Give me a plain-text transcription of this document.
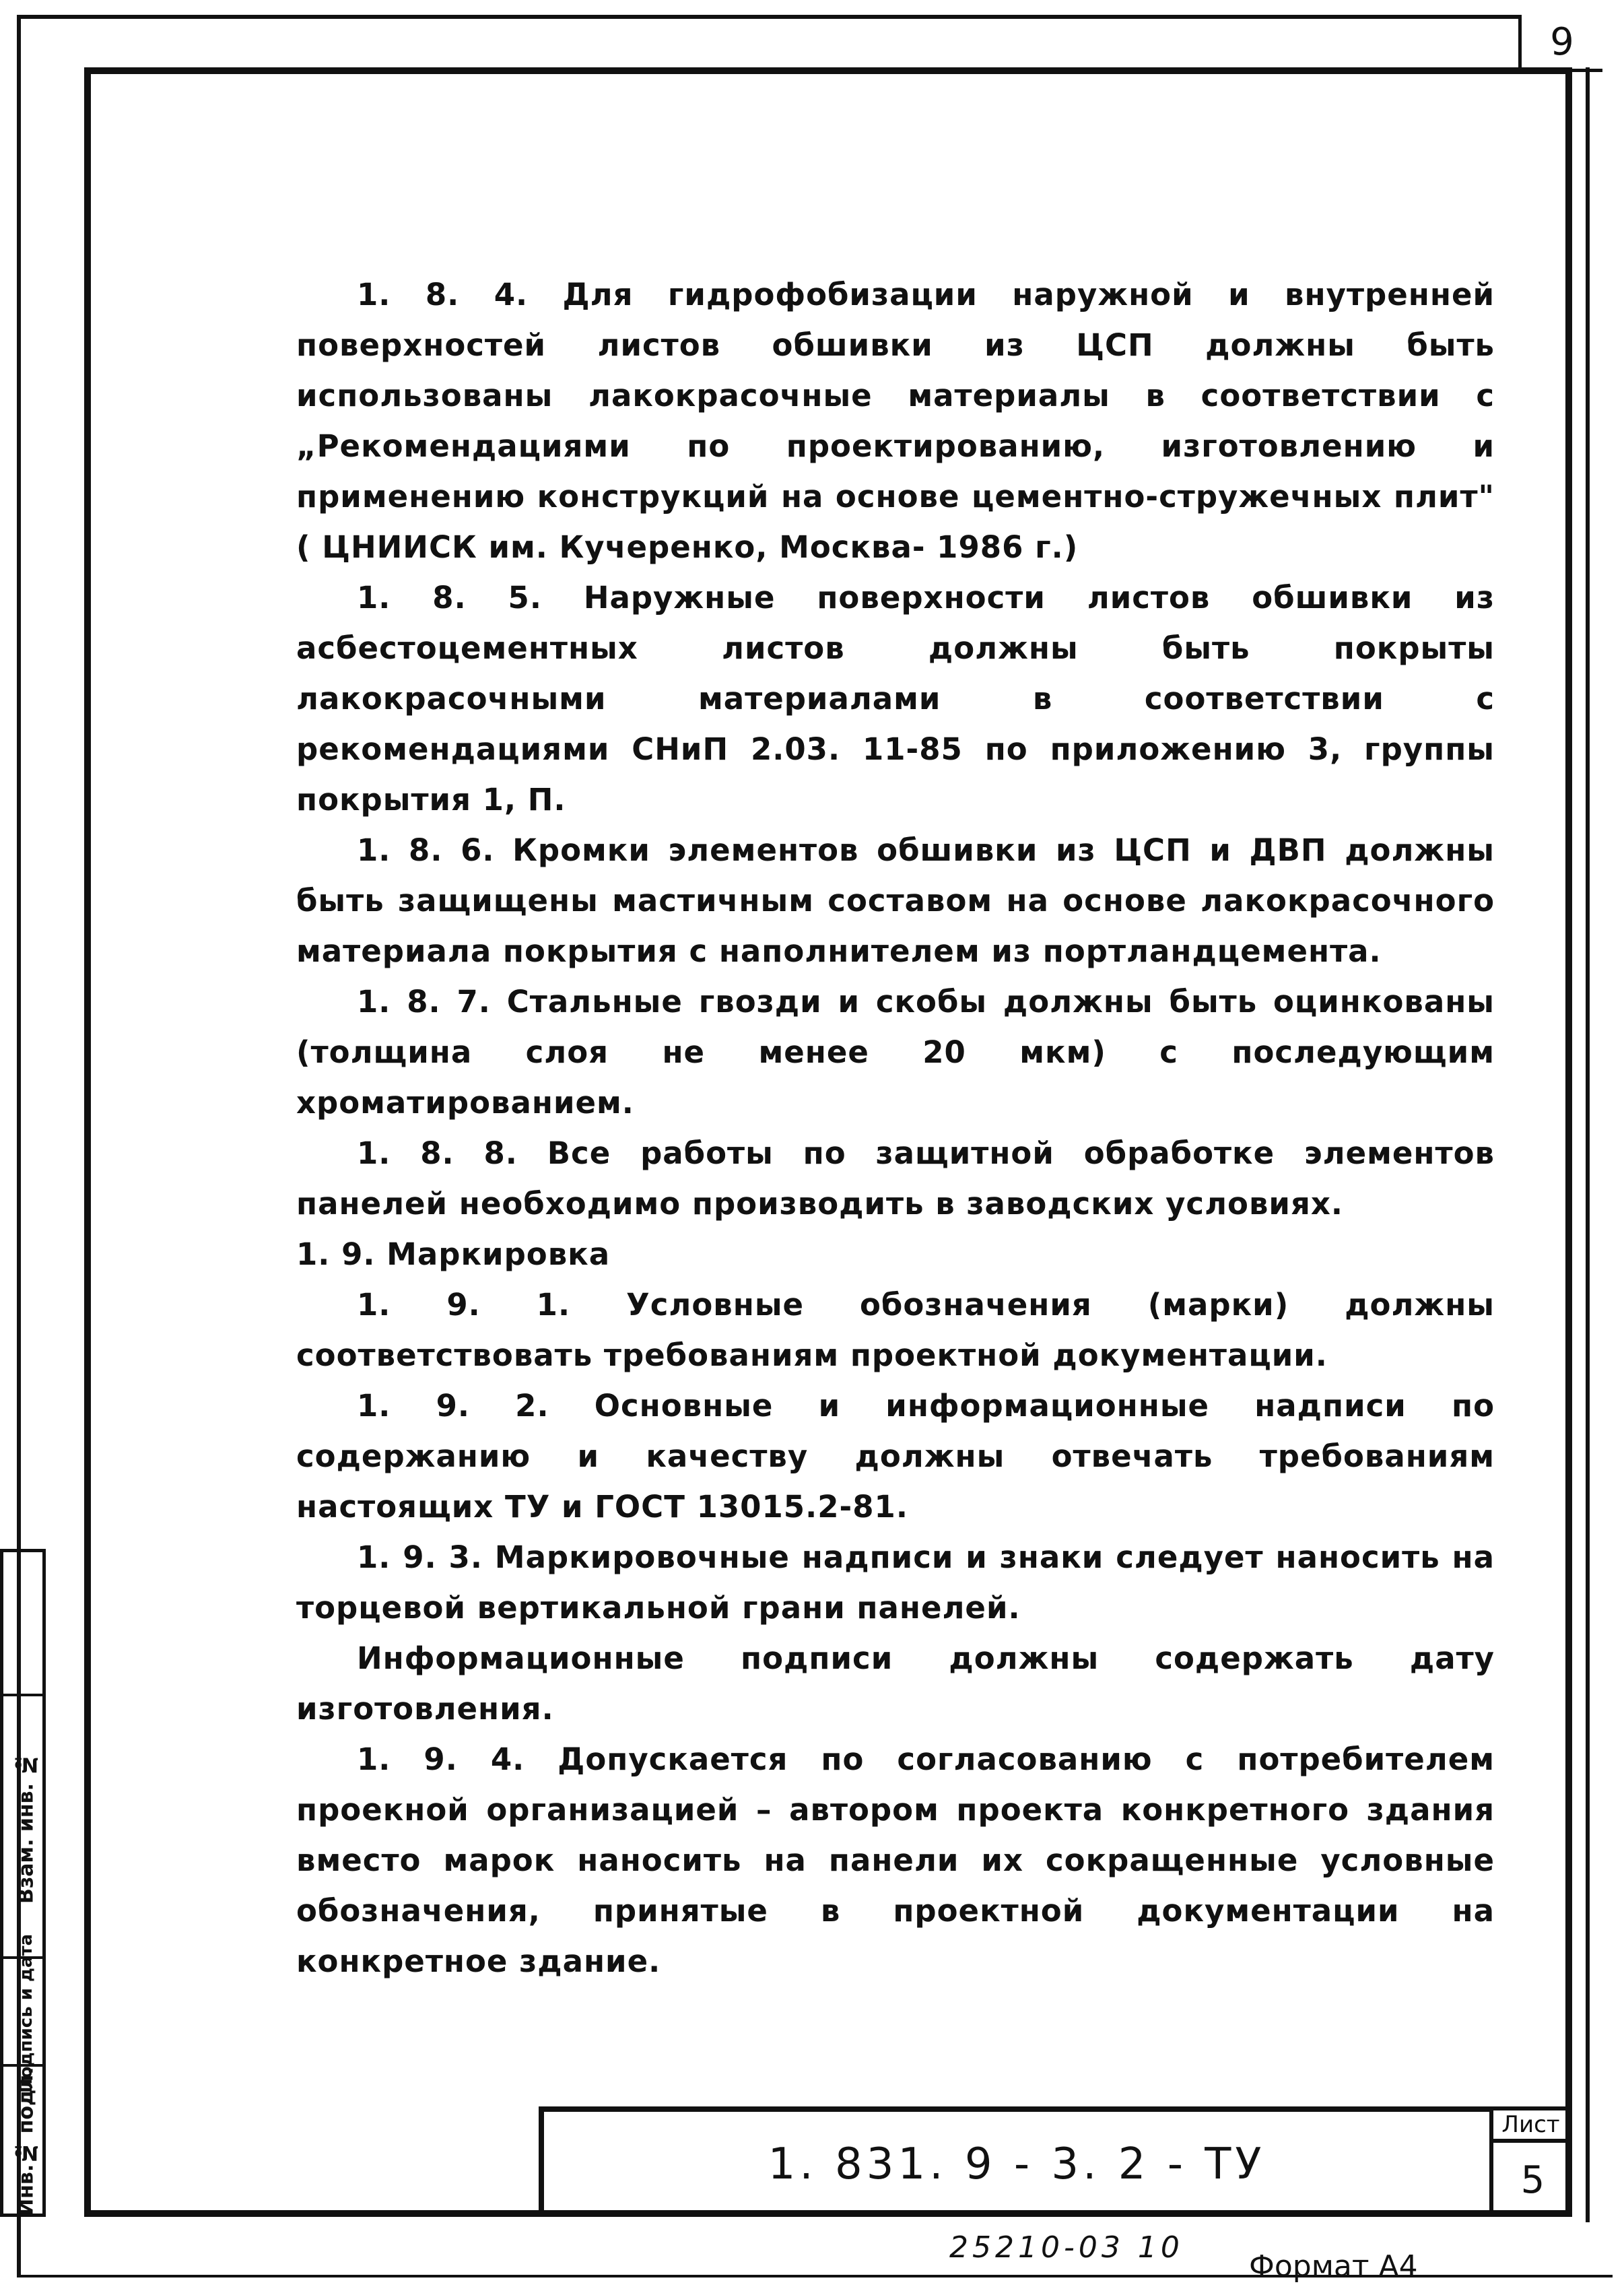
9

1. 8. 4. Для гидрофобизации наружной и внутренней поверхностей листов обшивки из ЦСП должны быть использованы лакокрасочные материалы в соответствии с „Рекомендациями по проектированию, изготовлению и применению конструкций на основе цементно-стружечных плит"( ЦНИИСК им. Кучеренко, Москва- 1986 г.)

1. 8. 5. Наружные поверхности листов обшивки из асбестоцементных листов должны быть покрыты лакокрасочными материалами в соответствии с рекомендациями СНиП 2.03. 11-85 по приложению 3, группы покрытия 1, П.

1. 8. 6. Кромки элементов обшивки из ЦСП и ДВП должны быть защищены мастичным составом на основе лакокрасочного материала покрытия с наполнителем из портландцемента.

1. 8. 7. Стальные гвозди и скобы должны быть оцинкованы (толщина слоя не менее 20 мкм) с последующим хроматированием.

1. 8. 8. Все работы по защитной обработке элементов панелей необходимо производить в заводских условиях.

1. 9. Маркировка

1. 9. 1. Условные обозначения (марки) должны соответствовать требованиям проектной документации.

1. 9. 2. Основные и информационные надписи по содержанию и качеству должны отвечать требованиям настоящих ТУ и ГОСТ 13015.2-81.

1. 9. 3. Маркировочные надписи и знаки следует наносить на торцевой вертикальной грани панелей.

Информационные подписи должны содержать дату изготовления.

1. 9. 4. Допускается по согласованию с потребителем проекной организацией – автором проекта конкретного здания вместо марок наносить на панели их сокращенные условные обозначения, принятые в проектной документации на конкретное здание.

Инв.№ подл.
Подпись и дата
Взам. инв. №
1. 831. 9 - 3. 2 - ТУ
Лист
5
25210-03 10
Формат А4
